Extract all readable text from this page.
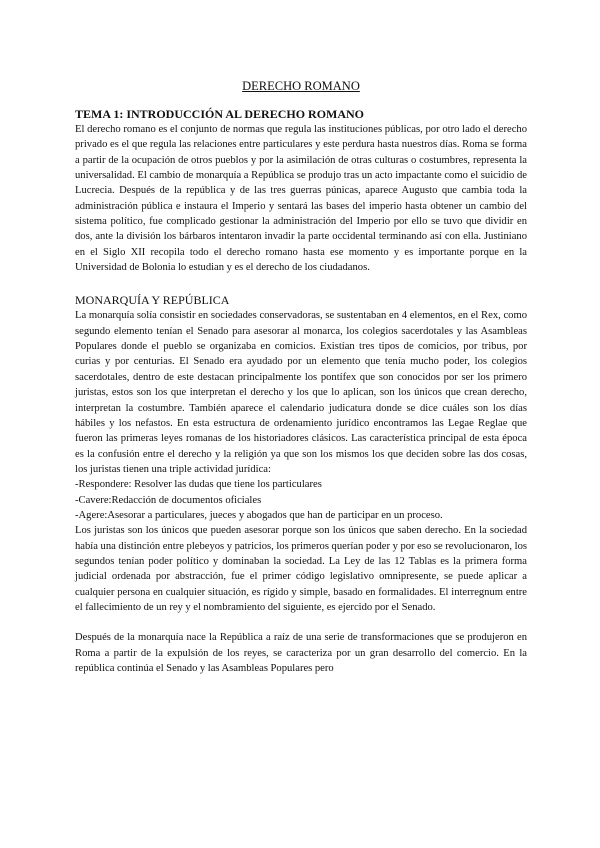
DERECHO ROMANO
TEMA 1: INTRODUCCIÓN AL DERECHO ROMANO

El derecho romano es el conjunto de normas que regula las instituciones públicas, por otro lado el derecho privado es el que regula las relaciones entre particulares y este perdura hasta nuestros días. Roma se forma a partir de la ocupación de otros pueblos y por la asimilación de otras culturas o costumbres, representa la universalidad. El cambio de monarquía a República se produjo tras un acto impactante como el suicidio de Lucrecia. Después de la república y de las tres guerras púnicas, aparece Augusto que cambia toda la administración pública e instaura el Imperio y sentará las bases del imperio hasta obtener un cambio del sistema político, fue complicado gestionar la administración del Imperio por ello se tuvo que dividir en dos, ante la división los bárbaros intentaron invadir la parte occidental terminando así con ella. Justiniano en el Siglo XII recopila todo el derecho romano hasta ese momento y es importante porque en la Universidad de Bolonia lo estudian y es el derecho de los ciudadanos.

MONARQUÍA Y REPÚBLICA

La monarquía solía consistir en sociedades conservadoras, se sustentaban en 4 elementos, en el Rex, como segundo elemento tenían el Senado para asesorar al monarca, los colegios sacerdotales y las Asambleas Populares donde el pueblo se organizaba en comicios. Existían tres tipos de comicios, por tribus, por curias y por centurias. El Senado era ayudado por un elemento que tenía mucho poder, los colegios sacerdotales, dentro de este destacan principalmente los pontífex que son conocidos por ser los primero juristas, estos son los que interpretan el derecho y los que lo aplican, son los únicos que crean derecho, interpretan la costumbre. También aparece el calendario judicatura donde se dice cuáles son los días hábiles y los nefastos. En esta estructura de ordenamiento jurídico encontramos las Legae Reglae que fueron las primeras leyes romanas de los historiadores clásicos. Las característica principal de esta época es la confusión entre el derecho y la religión ya que son los mismos los que deciden sobre las dos cosas, los juristas tienen una triple actividad jurídica:

-Respondere: Resolver las dudas que tiene los particulares
-Cavere:Redacción de documentos oficiales
-Agere:Asesorar a particulares, jueces y abogados que han de participar en un proceso.

Los juristas son los únicos que pueden asesorar porque son los únicos que saben derecho. En la sociedad había una distinción entre plebeyos y patricios, los primeros querían poder y por eso se revolucionaron, los segundos tenían poder político y dominaban la sociedad. La Ley de las 12 Tablas es la primera forma judicial ordenada por abstracción, fue el primer código legislativo omnipresente, se puede aplicar a cualquier persona en cualquier situación, es rígido y simple, basado en formalidades. El interregnum entre el fallecimiento de un rey y el nombramiento del siguiente, es ejercido por el Senado.

Después de la monarquía nace la República a raíz de una serie de transformaciones que se produjeron en Roma a partir de la expulsión de los reyes, se caracteriza por un gran desarrollo del comercio. En la república continúa el Senado y las Asambleas Populares pero
